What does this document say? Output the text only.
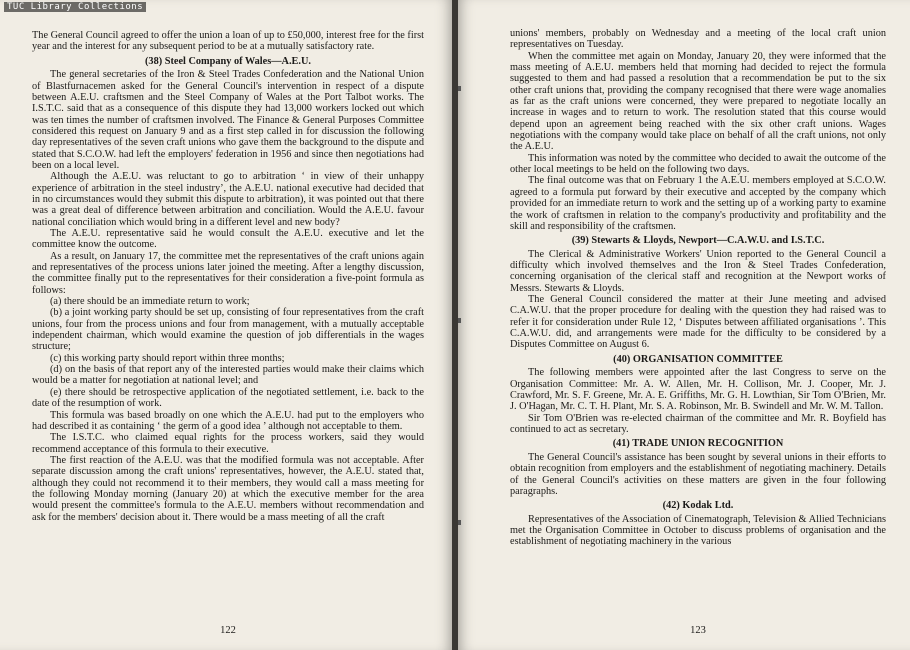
TUC Library Collections

The General Council agreed to offer the union a loan of up to £50,000, interest free for the first year and the interest for any subsequent period to be at a mutually satisfactory rate.

(38) Steel Company of Wales—A.E.U.

The general secretaries of the Iron & Steel Trades Confederation and the National Union of Blastfurnacemen asked for the General Council's intervention in respect of a dispute between A.E.U. craftsmen and the Steel Company of Wales at the Port Talbot works. The I.S.T.C. said that as a consequence of this dispute they had 13,000 workers locked out which was ten times the number of craftsmen involved. The Finance & General Purposes Committee considered this request on January 9 and as a first step called in for discussion the following day representatives of the seven craft unions who gave them the background to the dispute and stated that S.C.O.W. had left the employers' federation in 1956 and since then negotiations had been on a local level.

Although the A.E.U. was reluctant to go to arbitration ‘ in view of their unhappy experience of arbitration in the steel industry’, the A.E.U. national executive had decided that in no circumstances would they submit this dispute to arbitration), it was pointed out that there was a great deal of difference between arbitration and conciliation. Would the A.E.U. favour national conciliation which would bring in a different level and new body?

The A.E.U. representative said he would consult the A.E.U. executive and let the committee know the outcome.

As a result, on January 17, the committee met the representatives of the craft unions again and representatives of the process unions later joined the meeting. After a lengthy discussion, the committee finally put to the representatives for their consideration a five-point formula as follows:

(a) there should be an immediate return to work;

(b) a joint working party should be set up, consisting of four representatives from the craft unions, four from the process unions and four from management, with a mutually acceptable independent chairman, which would examine the question of job differentials in the wages structure;

(c) this working party should report within three months;

(d) on the basis of that report any of the interested parties would make their claims which would be a matter for negotiation at national level; and

(e) there should be retrospective application of the negotiated settlement, i.e. back to the date of the resumption of work.

This formula was based broadly on one which the A.E.U. had put to the employers who had described it as containing ‘ the germ of a good idea ’ although not acceptable to them.

The I.S.T.C. who claimed equal rights for the process workers, said they would recommend acceptance of this formula to their executive.

The first reaction of the A.E.U. was that the modified formula was not acceptable. After separate discussion among the craft unions' representatives, however, the A.E.U. stated that, although they could not recommend it to their members, they would call a mass meeting for the following Monday morning (January 20) at which the executive member for the area would present the committee's formula to the A.E.U. members without recommendation and ask for the members' decision about it. There would be a mass meeting of all the craft

122

unions' members, probably on Wednesday and a meeting of the local craft union representatives on Tuesday.

When the committee met again on Monday, January 20, they were informed that the mass meeting of A.E.U. members held that morning had decided to reject the formula suggested to them and had passed a resolution that a recommendation be put to the six other craft unions that, providing the company recognised that there were wage anomalies as far as the craft unions were concerned, they were prepared to negotiate locally an increase in wages and to return to work. The resolution stated that this course would depend upon an agreement being reached with the six other craft unions. Wages negotiations with the company would take place on behalf of all the craft unions, not only the A.E.U.

This information was noted by the committee who decided to await the outcome of the other local meetings to be held on the following two days.

The final outcome was that on February 1 the A.E.U. members employed at S.C.O.W. agreed to a formula put forward by their executive and accepted by the company which provided for an immediate return to work and the setting up of a working party to examine the work of craftsmen in relation to the company's productivity and profitability and the skill and responsibility of the craftsmen.

(39) Stewarts & Lloyds, Newport—C.A.W.U. and I.S.T.C.

The Clerical & Administrative Workers' Union reported to the General Council a difficulty which involved themselves and the Iron & Steel Trades Confederation, concerning organisation of the clerical staff and recognition at the Newport works of Messrs. Stewarts & Lloyds.

The General Council considered the matter at their June meeting and advised C.A.W.U. that the proper procedure for dealing with the question they had raised was to refer it for consideration under Rule 12, ‘ Disputes between affiliated organisations ’. This C.A.W.U. did, and arrangements were made for the difficulty to be considered by a Disputes Committee on August 6.

(40) ORGANISATION COMMITTEE

The following members were appointed after the last Congress to serve on the Organisation Committee: Mr. A. W. Allen, Mr. H. Collison, Mr. J. Cooper, Mr. J. Crawford, Mr. S. F. Greene, Mr. A. E. Griffiths, Mr. G. H. Lowthian, Sir Tom O'Brien, Mr. J. O'Hagan, Mr. C. T. H. Plant, Mr. S. A. Robinson, Mr. B. Swindell and Mr. W. M. Tallon.

Sir Tom O'Brien was re-elected chairman of the committee and Mr. R. Boyfield has continued to act as secretary.

(41) TRADE UNION RECOGNITION

The General Council's assistance has been sought by several unions in their efforts to obtain recognition from employers and the establishment of negotiating machinery. Details of the General Council's activities on these matters are given in the four following paragraphs.

(42) Kodak Ltd.

Representatives of the Association of Cinematograph, Television & Allied Technicians met the Organisation Committee in October to discuss problems of organisation and the establishment of negotiating machinery in the various

123
